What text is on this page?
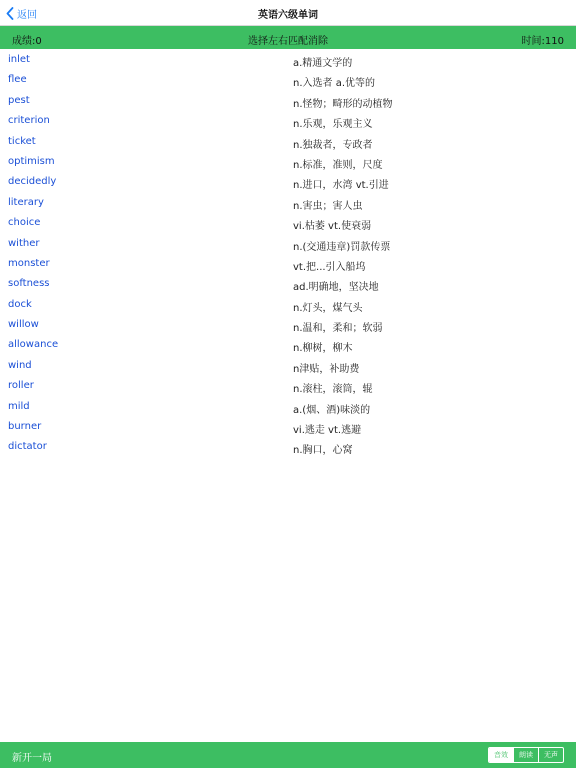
返回	英语六级单词
成绩:0	选择左右匹配消除	时间:110
inlet	a.精通文学的
flee	n.入选者 a.优等的
pest	n.怪物；畸形的动植物
criterion	n.乐观，乐观主义
ticket	n.独裁者，专政者
optimism	n.标准，准则，尺度
decidedly	n.进口，水湾 vt.引进
literary	n.害虫；害人虫
choice	vi.枯萎 vt.使衰弱
wither	n.(交通违章)罚款传票
monster	vt.把...引入船坞
softness	ad.明确地，坚决地
dock	n.灯头，煤气头
willow	n.温和，柔和；软弱
allowance	n.柳树，柳木
wind	n津贴，补助费
roller	n.滚柱，滚筒，辊
mild	a.(烟、酒)味淡的
burner	vi.逃走 vt.逃避
dictator	n.胸口，心窝
新开一局	音效	朗读	无声
